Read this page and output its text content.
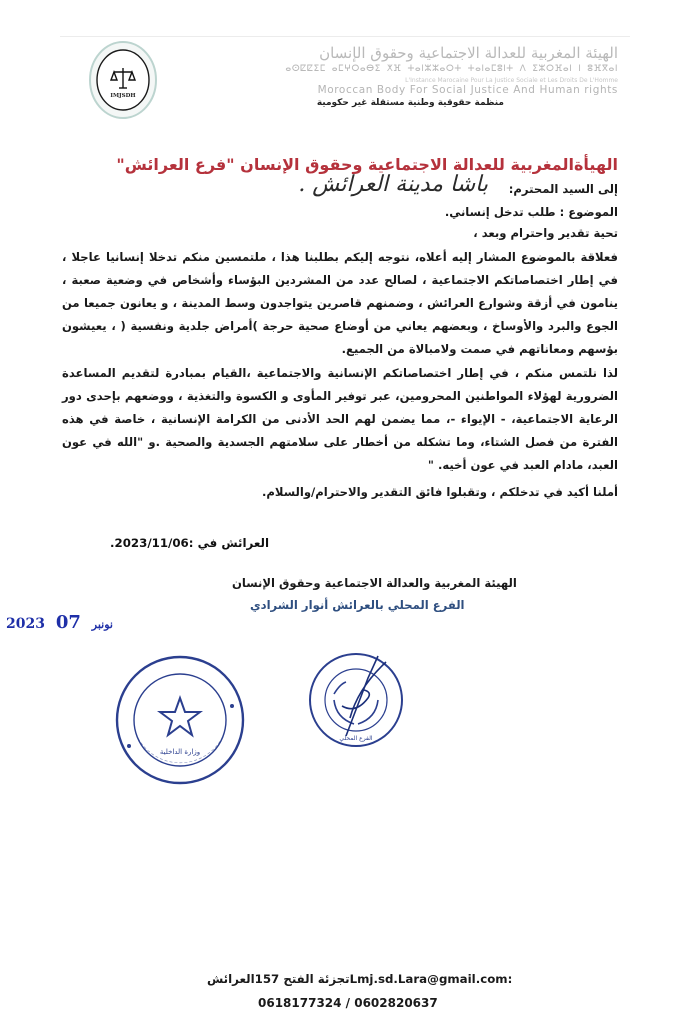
IMJSDH
الهيئة المغربية للعدالة الاجتماعية وحقوق الإنسان
ⴰⵙⵇⵇⵉⵎ ⴰⵎⵖⵔⴰⴱⵉ ⵅⴼ ⵜⴰⵏⵣⵣⴰⵔⵜ ⵜⴰⵏⴰⵎⵓⵏⵜ ⴷ ⵉⵣⵔⴼⴰⵏ ⵏ ⵓⴼⴳⴰⵏ
L'Instance Marocaine Pour La Justice Sociale et Les Droits De L'Homme
Moroccan Body For Social Justice And Human rights
منظمة حقوقية وطنية مستقلة غير حكومية
الهيأةالمغربية للعدالة الاجتماعية وحقوق الإنسان "فرع العرائش"
إلى السيد المحترم:
باشا مدينة العرائش .
الموضوع : طلب تدخل إنساني.
تحية تقدير واحترام وبعد ،
فعلاقة بالموضوع المشار إليه أعلاه، نتوجه إليكم بطلبنا هذا ، ملتمسين منكم تدخلا إنسانيا عاجلا ، في إطار اختصاصاتكم الاجتماعية ، لصالح عدد من المشردين البؤساء وأشخاص في وضعية صعبة ، ينامون في أزقة وشوارع العرائش ، وضمنهم قاصرين يتواجدون وسط المدينة ، و يعانون جميعا من الجوع والبرد والأوساخ ، وبعضهم يعاني من أوضاع صحية حرجة )أمراض جلدية ونفسية ( ، يعيشون بؤسهم ومعاناتهم في صمت ولامبالاة من الجميع.
لذا نلتمس منكم ، في إطار اختصاصاتكم الإنسانية والاجتماعية ،القيام بمبادرة لتقديم المساعدة الضرورية لهؤلاء المواطنين المحرومين، عبر توفير المأوى و الكسوة والتغذية ، ووضعهم بإحدى دور الرعاية الاجتماعية، - الإيواء -، مما يضمن لهم الحد الأدنى من الكرامة الإنسانية ، خاصة في هذه الفترة من فصل الشتاء، وما تشكله من أخطار على سلامتهم الجسدية والصحية .و "الله في عون العبد، مادام العبد في عون أخيه. "
أملنا أكيد في تدخلكم ، وتقبلوا فائق التقدير والاحترام/والسلام.
العرائش في :2023/11/06.
الهيئة المغربية والعدالة الاجتماعية وحقوق الإنسان
الفرع المحلي بالعرائش أنوار الشرادي
2023	نونبر 07
وزارة الداخلية
الفرع المحلي
تجزئة الفتح 157العرائشLmj.sd.Lara@gmail.com:
0618177324 / 0602820637
